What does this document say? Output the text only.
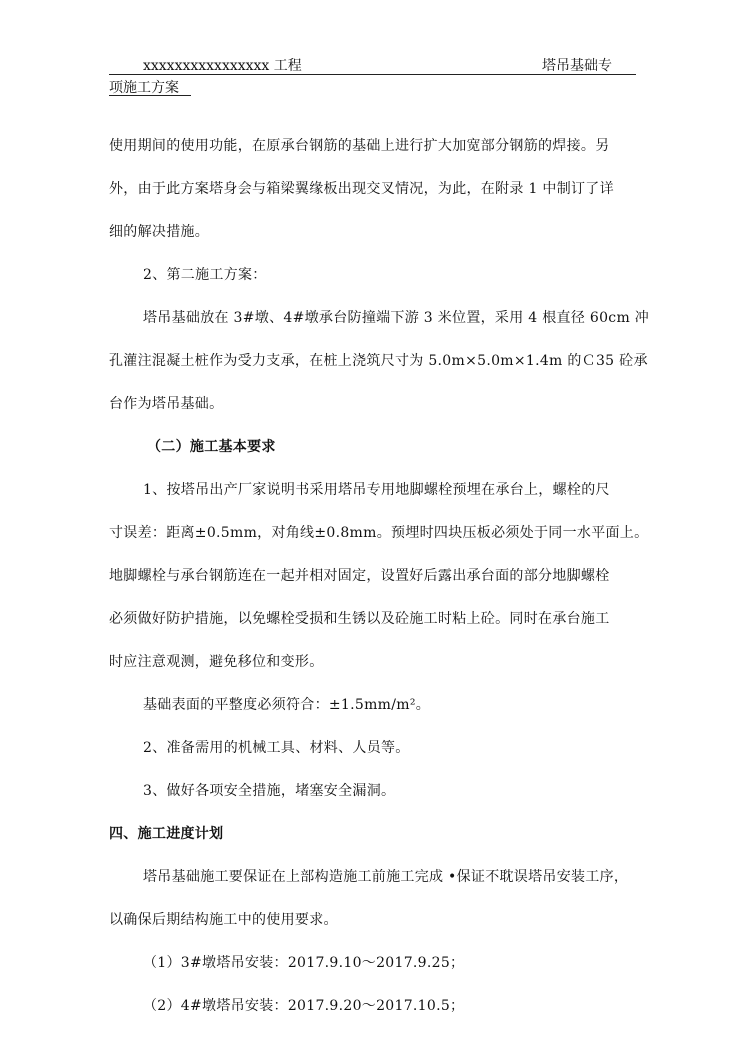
xxxxxxxxxxxxxxxx 工程	塔吊基础专
项施工方案
使用期间的使用功能，在原承台钢筋的基础上进行扩大加宽部分钢筋的焊接。另
外，由于此方案塔身会与箱梁翼缘板出现交叉情况，为此，在附录 1 中制订了详
细的解决措施。
2、第二施工方案：
塔吊基础放在 3#墩、4#墩承台防撞端下游 3 米位置，采用 4 根直径 60cm 冲
孔灌注混凝土桩作为受力支承，在桩上浇筑尺寸为 5.0m×5.0m×1.4m 的Ｃ35 砼承
台作为塔吊基础。
（二）施工基本要求
1、按塔吊出产厂家说明书采用塔吊专用地脚螺栓预埋在承台上，螺栓的尺
寸误差：距离±0.5mm，对角线±0.8mm。预埋时四块压板必须处于同一水平面上。
地脚螺栓与承台钢筋连在一起并相对固定，设置好后露出承台面的部分地脚螺栓
必须做好防护措施，以免螺栓受损和生锈以及砼施工时粘上砼。同时在承台施工
时应注意观测，避免移位和变形。
基础表面的平整度必须符合：±1.5mm/m²。
2、准备需用的机械工具、材料、人员等。
3、做好各项安全措施，堵塞安全漏洞。
四、施工进度计划
塔吊基础施工要保证在上部构造施工前施工完成 •保证不耽误塔吊安装工序，
以确保后期结构施工中的使用要求。
（1）3#墩塔吊安装：2017.9.10～2017.9.25；
（2）4#墩塔吊安装：2017.9.20～2017.10.5；
